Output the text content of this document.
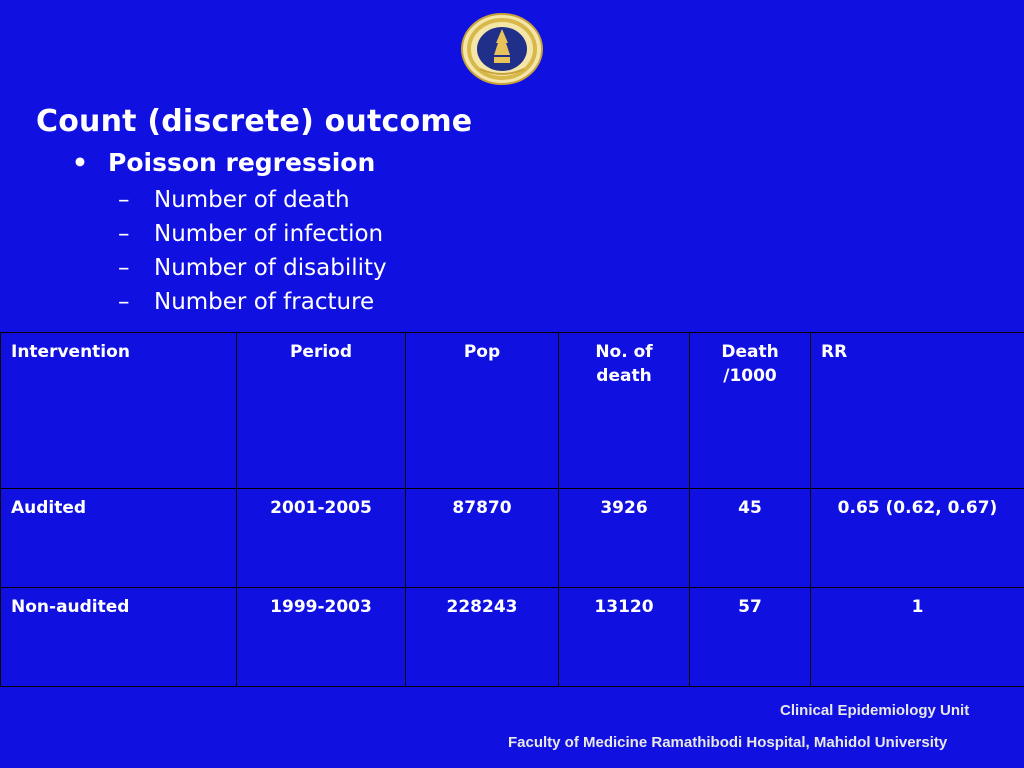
Count (discrete) outcome
• Poisson regression
– Number of death
– Number of infection
– Number of disability
– Number of fracture
Intervention	Period	Pop	No. of death	Death /1000	RR
Audited	2001-2005	87870	3926	45	0.65 (0.62, 0.67)
Non-audited	1999-2003	228243	13120	57	1
Clinical Epidemiology Unit
Faculty of Medicine Ramathibodi Hospital, Mahidol University
